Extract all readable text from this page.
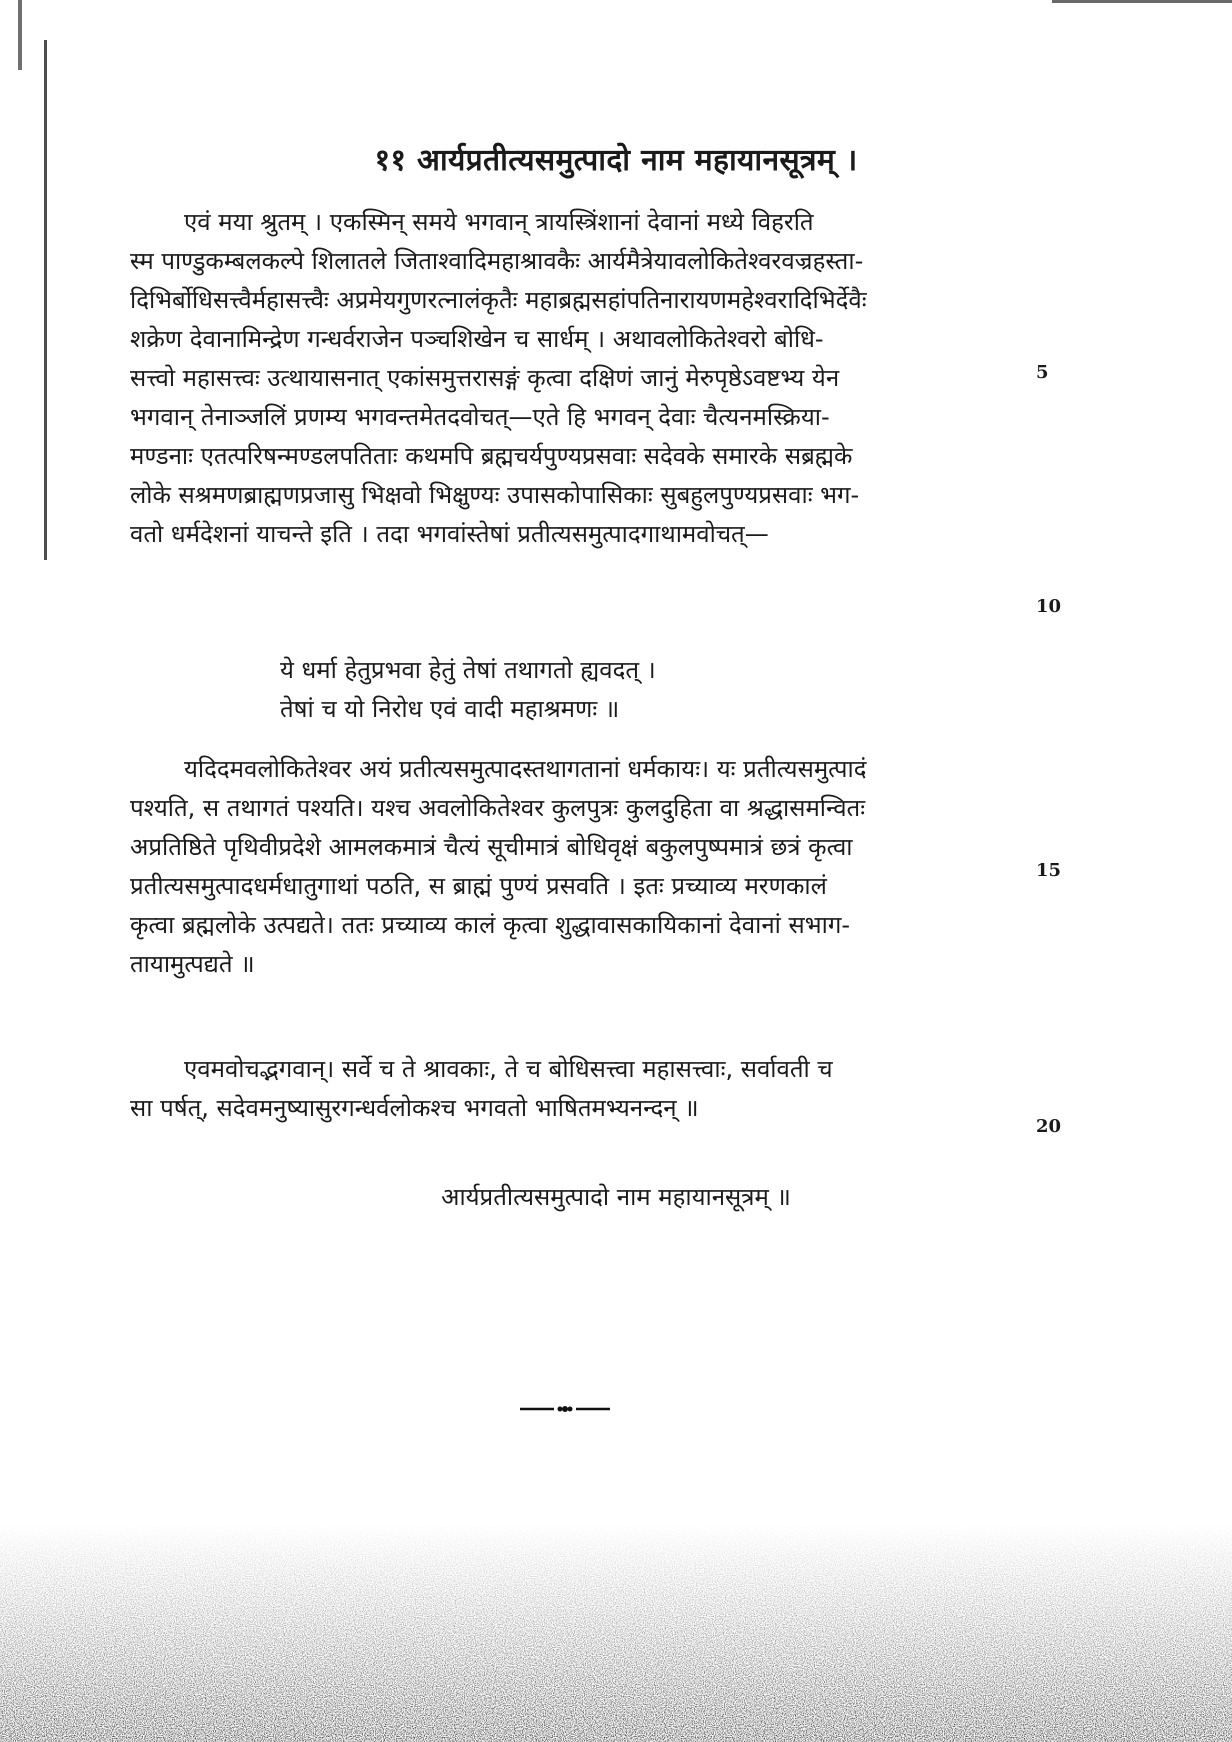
११ आर्यप्रतीत्यसमुत्पादो नाम महायानसूत्रम् ।
एवं मया श्रुतम् । एकस्मिन् समये भगवान् त्रायस्त्रिंशानां देवानां मध्ये विहरति
स्म पाण्डुकम्बलकल्पे शिलातले जिताश्वादिमहाश्रावकैः आर्यमैत्रेयावलोकितेश्वरवज्रहस्ता-
दिभिर्बोधिसत्त्वैर्महासत्त्वैः अप्रमेयगुणरत्नालंकृतैः महाब्रह्मसहांपतिनारायणमहेश्वरादिभिर्देवैः
शक्रेण देवानामिन्द्रेण गन्धर्वराजेन पञ्चशिखेन च सार्धम् । अथावलोकितेश्वरो बोधि-
सत्त्वो महासत्त्वः उत्थायासनात् एकांसमुत्तरासङ्गं कृत्वा दक्षिणं जानुं मेरुपृष्ठेऽवष्टभ्य येन
भगवान् तेनाञ्जलिं प्रणम्य भगवन्तमेतदवोचत्—एते हि भगवन् देवाः चैत्यनमस्क्रिया-
मण्डनाः एतत्परिषन्मण्डलपतिताः कथमपि ब्रह्मचर्यपुण्यप्रसवाः सदेवके समारके सब्रह्मके
लोके सश्रमणब्राह्मणप्रजासु भिक्षवो भिक्षुण्यः उपासकोपासिकाः सुबहुलपुण्यप्रसवाः भग-
वतो धर्मदेशनां याचन्ते इति । तदा भगवांस्तेषां प्रतीत्यसमुत्पादगाथामवोचत्—
ये धर्मा हेतुप्रभवा हेतुं तेषां तथागतो ह्यवदत् ।
तेषां च यो निरोध एवं वादी महाश्रमणः ॥
यदिदमवलोकितेश्वर अयं प्रतीत्यसमुत्पादस्तथागतानां धर्मकायः। यः प्रतीत्यसमुत्पादं
पश्यति, स तथागतं पश्यति। यश्च अवलोकितेश्वर कुलपुत्रः कुलदुहिता वा श्रद्धासमन्वितः
अप्रतिष्ठिते पृथिवीप्रदेशे आमलकमात्रं चैत्यं सूचीमात्रं बोधिवृक्षं बकुलपुष्पमात्रं छत्रं कृत्वा
प्रतीत्यसमुत्पादधर्मधातुगाथां पठति, स ब्राह्मं पुण्यं प्रसवति । इतः प्रच्याव्य मरणकालं
कृत्वा ब्रह्मलोके उत्पद्यते। ततः प्रच्याव्य कालं कृत्वा शुद्धावासकायिकानां देवानां सभाग-
तायामुत्पद्यते ॥
एवमवोचद्भगवान्। सर्वे च ते श्रावकाः, ते च बोधिसत्त्वा महासत्त्वाः, सर्वावती च
सा पर्षत्, सदेवमनुष्यासुरगन्धर्वलोकश्च भगवतो भाषितमभ्यनन्दन् ॥
5
10
15
20
आर्यप्रतीत्यसमुत्पादो नाम महायानसूत्रम् ॥
